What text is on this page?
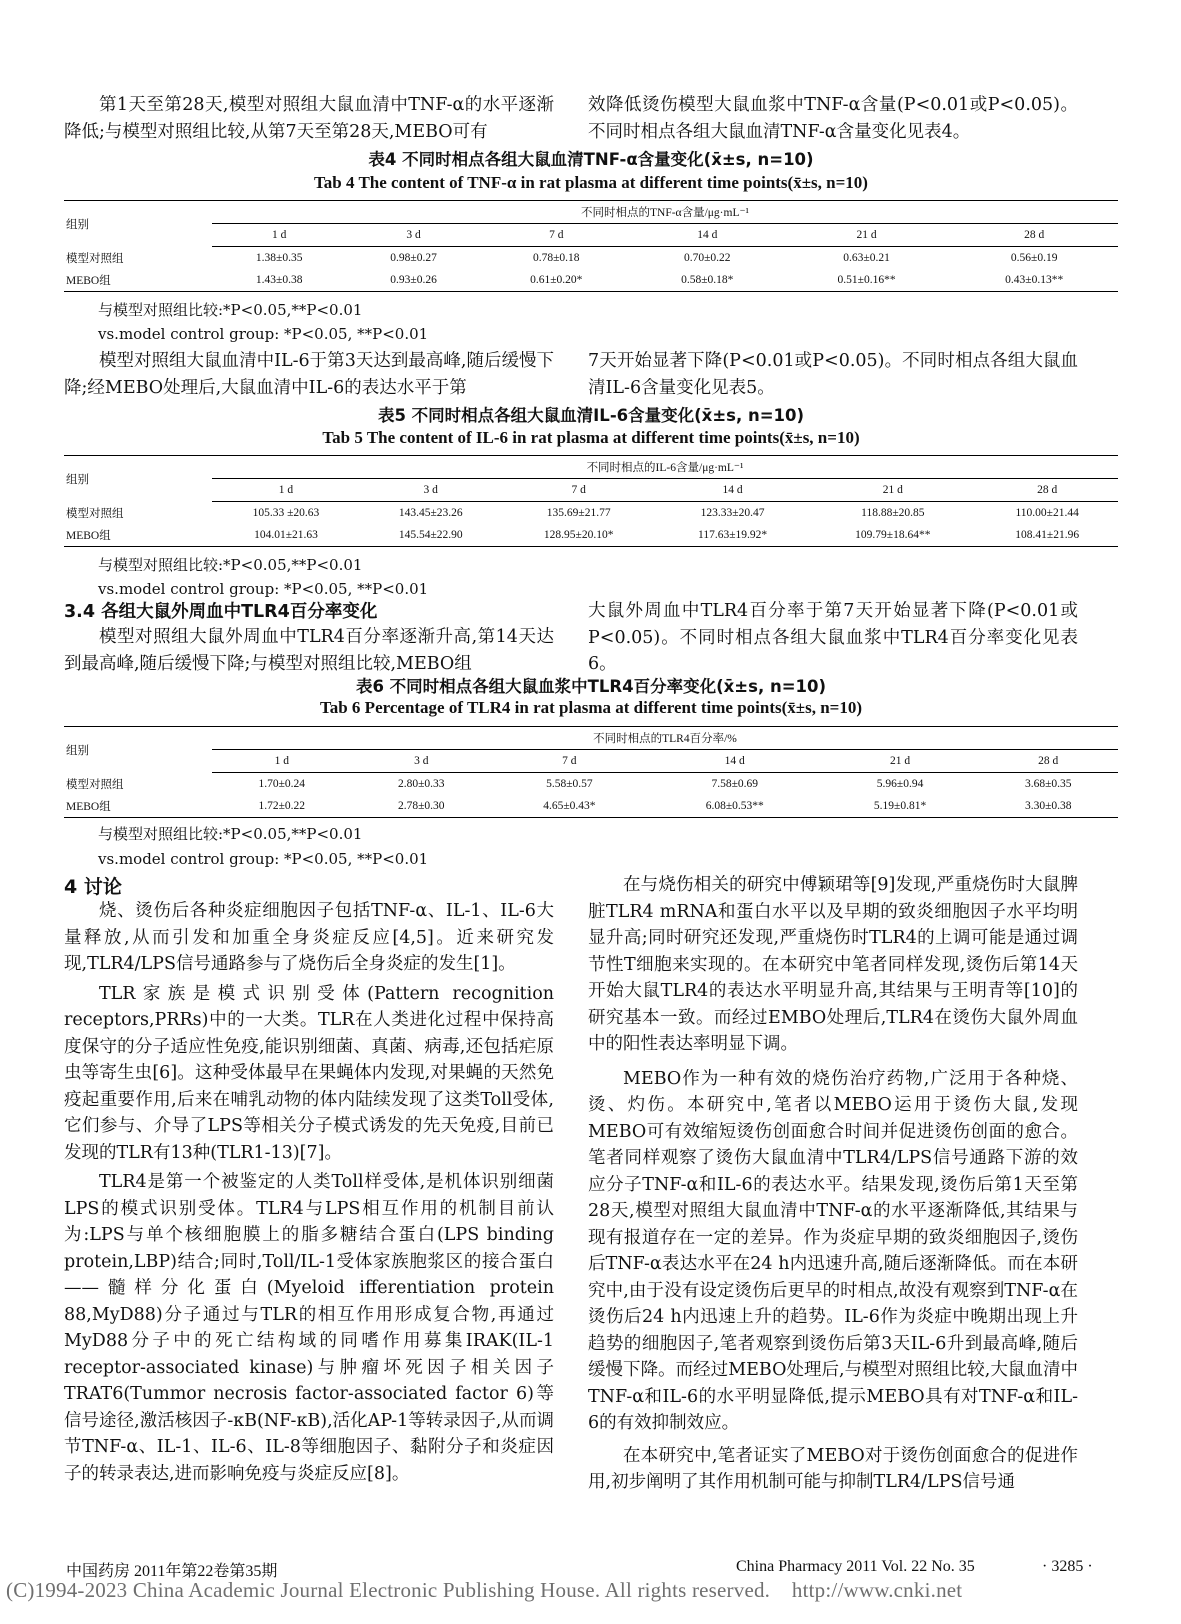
第1天至第28天,模型对照组大鼠血清中TNF-α的水平逐渐降低;与模型对照组比较,从第7天至第28天,MEBO可有

效降低烫伤模型大鼠血浆中TNF-α含量(P<0.01或P<0.05)。不同时相点各组大鼠血清TNF-α含量变化见表4。

表4 不同时相点各组大鼠血清TNF-α含量变化(x̄±s, n=10)
Tab 4 The content of TNF-α in rat plasma at different time points(x̄±s, n=10)
组别	不同时相点的TNF-α含量/μg·mL⁻¹					
	1 d	3 d	7 d	14 d	21 d	28 d
模型对照组	1.38±0.35	0.98±0.27	0.78±0.18	0.70±0.22	0.63±0.21	0.56±0.19
MEBO组	1.43±0.38	0.93±0.26	0.61±0.20*	0.58±0.18*	0.51±0.16**	0.43±0.13**
与模型对照组比较:*P<0.05,**P<0.01
vs.model control group: *P<0.05, **P<0.01

模型对照组大鼠血清中IL-6于第3天达到最高峰,随后缓慢下降;经MEBO处理后,大鼠血清中IL-6的表达水平于第

7天开始显著下降(P<0.01或P<0.05)。不同时相点各组大鼠血清IL-6含量变化见表5。

表5 不同时相点各组大鼠血清IL-6含量变化(x̄±s, n=10)
Tab 5 The content of IL-6 in rat plasma at different time points(x̄±s, n=10)
组别	不同时相点的IL-6含量/μg·mL⁻¹					
	1 d	3 d	7 d	14 d	21 d	28 d
模型对照组	105.33 ±20.63	143.45±23.26	135.69±21.77	123.33±20.47	118.88±20.85	110.00±21.44
MEBO组	104.01±21.63	145.54±22.90	128.95±20.10*	117.63±19.92*	109.79±18.64**	108.41±21.96
与模型对照组比较:*P<0.05,**P<0.01
vs.model control group: *P<0.05, **P<0.01
3.4 各组大鼠外周血中TLR4百分率变化

模型对照组大鼠外周血中TLR4百分率逐渐升高,第14天达到最高峰,随后缓慢下降;与模型对照组比较,MEBO组

大鼠外周血中TLR4百分率于第7天开始显著下降(P<0.01或P<0.05)。不同时相点各组大鼠血浆中TLR4百分率变化见表6。

表6 不同时相点各组大鼠血浆中TLR4百分率变化(x̄±s, n=10)
Tab 6 Percentage of TLR4 in rat plasma at different time points(x̄±s, n=10)
组别	不同时相点的TLR4百分率/%					
	1 d	3 d	7 d	14 d	21 d	28 d
模型对照组	1.70±0.24	2.80±0.33	5.58±0.57	7.58±0.69	5.96±0.94	3.68±0.35
MEBO组	1.72±0.22	2.78±0.30	4.65±0.43*	6.08±0.53**	5.19±0.81*	3.30±0.38
与模型对照组比较:*P<0.05,**P<0.01
vs.model control group: *P<0.05, **P<0.01
4 讨论

烧、烫伤后各种炎症细胞因子包括TNF-α、IL-1、IL-6大量释放,从而引发和加重全身炎症反应[4,5]。近来研究发现,TLR4/LPS信号通路参与了烧伤后全身炎症的发生[1]。

TLR家族是模式识别受体(Pattern recognition receptors,PRRs)中的一大类。TLR在人类进化过程中保持高度保守的分子适应性免疫,能识别细菌、真菌、病毒,还包括疟原虫等寄生虫[6]。这种受体最早在果蝇体内发现,对果蝇的天然免疫起重要作用,后来在哺乳动物的体内陆续发现了这类Toll受体,它们参与、介导了LPS等相关分子模式诱发的先天免疫,目前已发现的TLR有13种(TLR1-13)[7]。

TLR4是第一个被鉴定的人类Toll样受体,是机体识别细菌LPS的模式识别受体。TLR4与LPS相互作用的机制目前认为:LPS与单个核细胞膜上的脂多糖结合蛋白(LPS binding protein,LBP)结合;同时,Toll/IL-1受体家族胞浆区的接合蛋白——髓样分化蛋白(Myeloid ifferentiation protein 88,MyD88)分子通过与TLR的相互作用形成复合物,再通过MyD88分子中的死亡结构域的同嗜作用募集IRAK(IL-1 receptor-associated kinase)与肿瘤坏死因子相关因子TRAT6(Tummor necrosis factor-associated factor 6)等信号途径,激活核因子-κB(NF-κB),活化AP-1等转录因子,从而调节TNF-α、IL-1、IL-6、IL-8等细胞因子、黏附分子和炎症因子的转录表达,进而影响免疫与炎症反应[8]。

在与烧伤相关的研究中傅颖珺等[9]发现,严重烧伤时大鼠脾脏TLR4 mRNA和蛋白水平以及早期的致炎细胞因子水平均明显升高;同时研究还发现,严重烧伤时TLR4的上调可能是通过调节性T细胞来实现的。在本研究中笔者同样发现,烫伤后第14天开始大鼠TLR4的表达水平明显升高,其结果与王明青等[10]的研究基本一致。而经过EMBO处理后,TLR4在烫伤大鼠外周血中的阳性表达率明显下调。

MEBO作为一种有效的烧伤治疗药物,广泛用于各种烧、烫、灼伤。本研究中,笔者以MEBO运用于烫伤大鼠,发现MEBO可有效缩短烫伤创面愈合时间并促进烫伤创面的愈合。笔者同样观察了烫伤大鼠血清中TLR4/LPS信号通路下游的效应分子TNF-α和IL-6的表达水平。结果发现,烫伤后第1天至第28天,模型对照组大鼠血清中TNF-α的水平逐渐降低,其结果与现有报道存在一定的差异。作为炎症早期的致炎细胞因子,烫伤后TNF-α表达水平在24 h内迅速升高,随后逐渐降低。而在本研究中,由于没有设定烫伤后更早的时相点,故没有观察到TNF-α在烫伤后24 h内迅速上升的趋势。IL-6作为炎症中晚期出现上升趋势的细胞因子,笔者观察到烫伤后第3天IL-6升到最高峰,随后缓慢下降。而经过MEBO处理后,与模型对照组比较,大鼠血清中TNF-α和IL-6的水平明显降低,提示MEBO具有对TNF-α和IL-6的有效抑制效应。

在本研究中,笔者证实了MEBO对于烫伤创面愈合的促进作用,初步阐明了其作用机制可能与抑制TLR4/LPS信号通

中国药房 2011年第22卷第35期	China Pharmacy 2011 Vol. 22 No. 35	· 3285 ·
(C)1994-2023 China Academic Journal Electronic Publishing House. All rights reserved.    http://www.cnki.net
